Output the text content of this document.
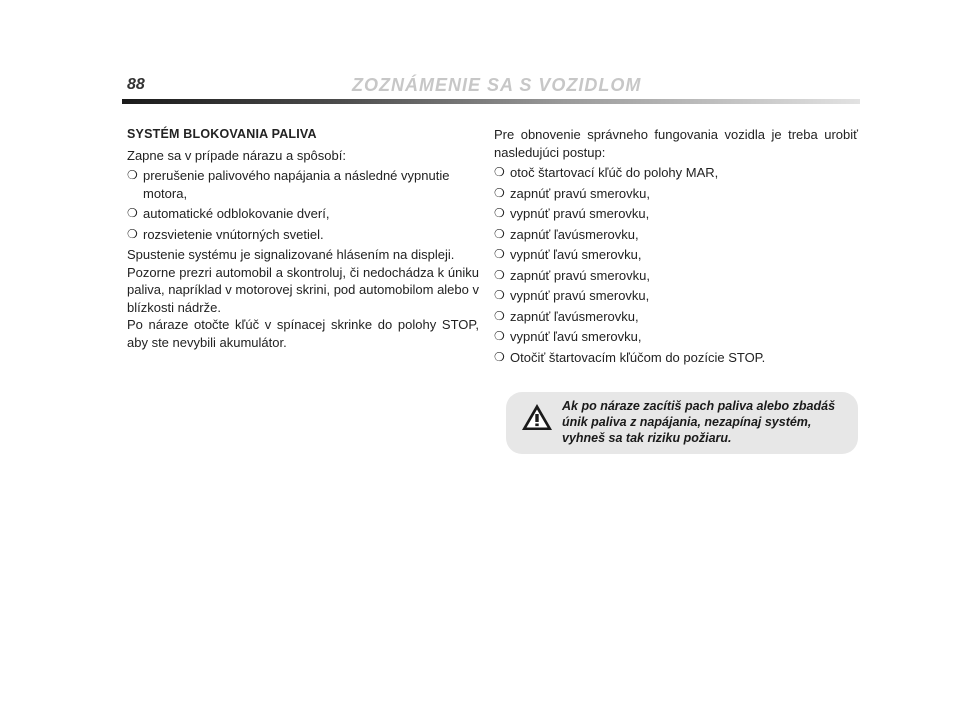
88	ZOZNÁMENIE SA S VOZIDLOM
SYSTÉM BLOKOVANIA PALIVA

Zapne sa v prípade nárazu a spôsobí:

❍ prerušenie palivového napájania a následné vypnutie motora,
❍ automatické odblokovanie dverí,
❍ rozsvietenie vnútorných svetiel.

Spustenie systému je signalizované hlásením na displeji.

Pozorne prezri automobil a skontroluj, či nedochádza k úniku paliva, napríklad v motorovej skrini, pod automobilom alebo v blízkosti nádrže.

Po náraze otočte kľúč v spínacej skrinke do polohy STOP, aby ste nevybili akumulátor.

Pre obnovenie správneho fungovania vozidla je treba urobiť nasledujúci postup:

❍ otoč štartovací kľúč do polohy MAR,
❍ zapnúť pravú smerovku,
❍ vypnúť pravú smerovku,
❍ zapnúť ľavúsmerovku,
❍ vypnúť ľavú smerovku,
❍ zapnúť pravú smerovku,
❍ vypnúť pravú smerovku,
❍ zapnúť ľavúsmerovku,
❍ vypnúť ľavú smerovku,
❍ Otočiť štartovacím kľúčom do pozície STOP.
Ak po náraze zacítiš pach paliva alebo zbadáš únik paliva z napájania, nezapínaj systém, vyhneš sa tak riziku požiaru.
